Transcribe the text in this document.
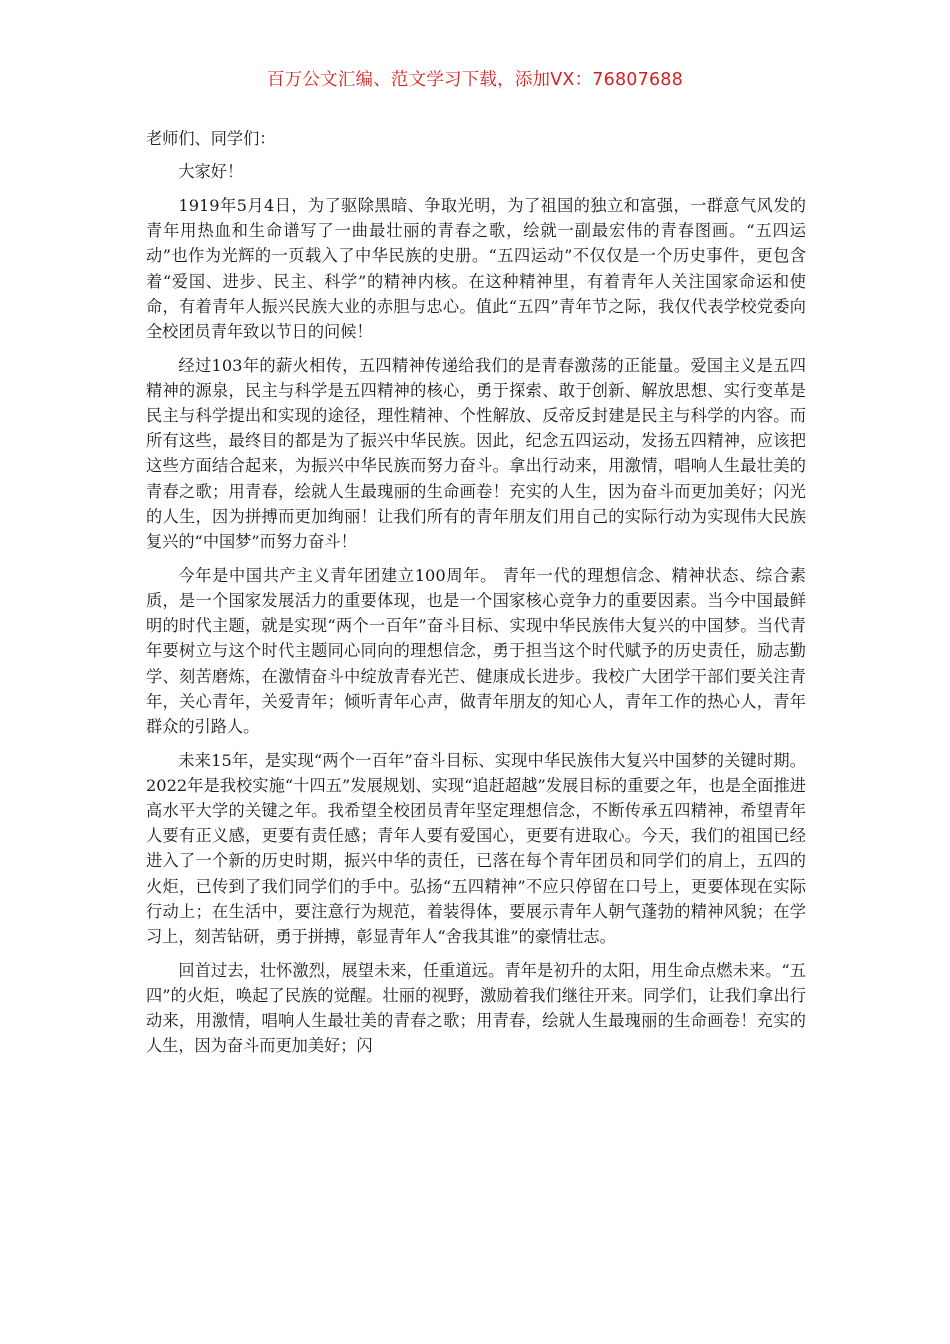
百万公文汇编、范文学习下载，添加VX：76807688

老师们、同学们：

大家好！

1919年5月4日，为了驱除黑暗、争取光明，为了祖国的独立和富强，一群意气风发的青年用热血和生命谱写了一曲最壮丽的青春之歌，绘就一副最宏伟的青春图画。“五四运动”也作为光辉的一页载入了中华民族的史册。“五四运动”不仅仅是一个历史事件，更包含着“爱国、进步、民主、科学”的精神内核。在这种精神里，有着青年人关注国家命运和使命，有着青年人振兴民族大业的赤胆与忠心。值此“五四”青年节之际，我仅代表学校党委向全校团员青年致以节日的问候！

经过103年的薪火相传，五四精神传递给我们的是青春激荡的正能量。爱国主义是五四精神的源泉，民主与科学是五四精神的核心，勇于探索、敢于创新、解放思想、实行变革是民主与科学提出和实现的途径，理性精神、个性解放、反帝反封建是民主与科学的内容。而所有这些，最终目的都是为了振兴中华民族。因此，纪念五四运动，发扬五四精神，应该把这些方面结合起来，为振兴中华民族而努力奋斗。拿出行动来，用激情，唱响人生最壮美的青春之歌；用青春，绘就人生最瑰丽的生命画卷！充实的人生，因为奋斗而更加美好；闪光的人生，因为拼搏而更加绚丽！让我们所有的青年朋友们用自己的实际行动为实现伟大民族复兴的“中国梦”而努力奋斗！

今年是中国共产主义青年团建立100周年。 青年一代的理想信念、精神状态、综合素质，是一个国家发展活力的重要体现，也是一个国家核心竞争力的重要因素。当今中国最鲜明的时代主题，就是实现“两个一百年”奋斗目标、实现中华民族伟大复兴的中国梦。当代青年要树立与这个时代主题同心同向的理想信念，勇于担当这个时代赋予的历史责任，励志勤学、刻苦磨炼，在激情奋斗中绽放青春光芒、健康成长进步。我校广大团学干部们要关注青年，关心青年，关爱青年；倾听青年心声，做青年朋友的知心人，青年工作的热心人，青年群众的引路人。

未来15年，是实现“两个一百年”奋斗目标、实现中华民族伟大复兴中国梦的关键时期。2022年是我校实施“十四五”发展规划、实现“追赶超越”发展目标的重要之年，也是全面推进高水平大学的关键之年。我希望全校团员青年坚定理想信念，不断传承五四精神，希望青年人要有正义感，更要有责任感；青年人要有爱国心，更要有进取心。今天，我们的祖国已经进入了一个新的历史时期，振兴中华的责任，已落在每个青年团员和同学们的肩上，五四的火炬，已传到了我们同学们的手中。弘扬“五四精神”不应只停留在口号上，更要体现在实际行动上；在生活中，要注意行为规范，着装得体，要展示青年人朝气蓬勃的精神风貌；在学习上，刻苦钻研，勇于拼搏，彰显青年人“舍我其谁”的豪情壮志。

回首过去，壮怀激烈，展望未来，任重道远。青年是初升的太阳，用生命点燃未来。“五四”的火炬，唤起了民族的觉醒。壮丽的视野，激励着我们继往开来。同学们，让我们拿出行动来，用激情，唱响人生最壮美的青春之歌；用青春，绘就人生最瑰丽的生命画卷！充实的人生，因为奋斗而更加美好；闪
